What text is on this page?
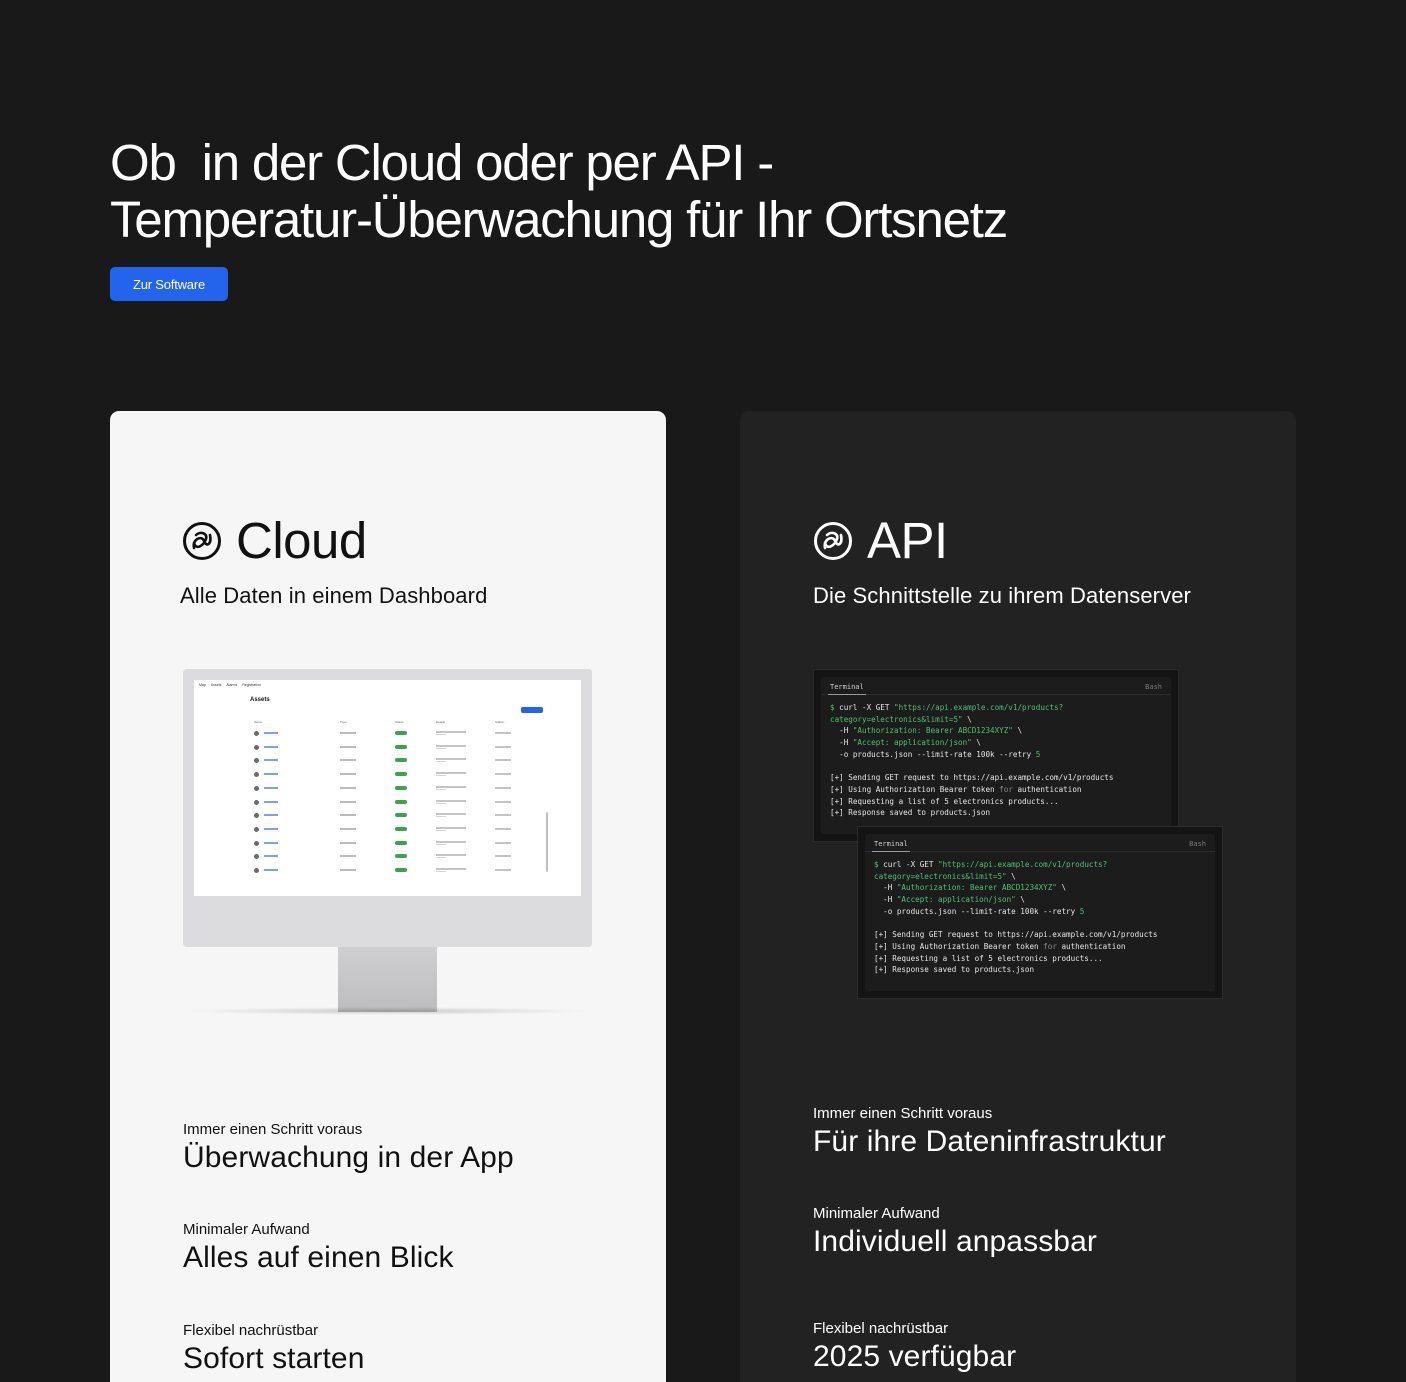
Ob  in der Cloud oder per API -
Temperatur-Überwachung für Ihr Ortsnetz
Zur Software
Cloud

Alle Daten in einem Dashboard

Map Assets Alarms Registration
Assets
Name	Type	Status	Details	Station
Immer einen Schritt voraus
Überwachung in der App
Minimaler Aufwand
Alles auf einen Blick
Flexibel nachrüstbar
Sofort starten
API

Die Schnittstelle zu ihrem Datenserver

Terminal	Bash
$ curl -X GET "https://api.example.com/v1/products?
category=electronics&limit=5" \
-H "Authorization: Bearer ABCD1234XYZ" \
-H "Accept: application/json" \
-o products.json --limit-rate 100k --retry 5

[+] Sending GET request to https://api.example.com/v1/products
[+] Using Authorization Bearer token for authentication
[+] Requesting a list of 5 electronics products...
[+] Response saved to products.json
Terminal	Bash
$ curl -X GET "https://api.example.com/v1/products?
category=electronics&limit=5" \
-H "Authorization: Bearer ABCD1234XYZ" \
-H "Accept: application/json" \
-o products.json --limit-rate 100k --retry 5

[+] Sending GET request to https://api.example.com/v1/products
[+] Using Authorization Bearer token for authentication
[+] Requesting a list of 5 electronics products...
[+] Response saved to products.json
Immer einen Schritt voraus
Für ihre Dateninfrastruktur
Minimaler Aufwand
Individuell anpassbar
Flexibel nachrüstbar
2025 verfügbar
